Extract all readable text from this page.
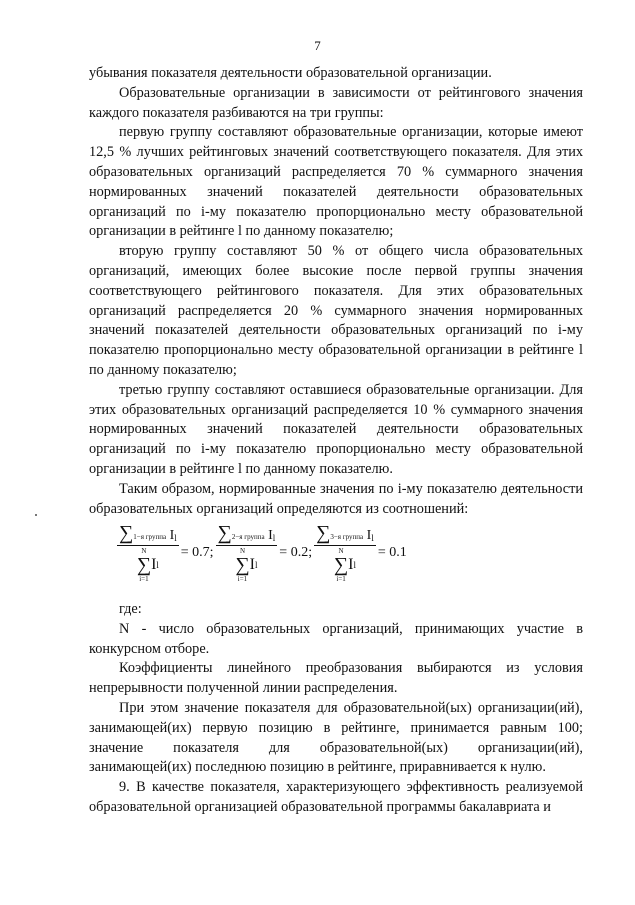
7

убывания показателя деятельности образовательной организации.

Образовательные организации в зависимости от рейтингового значения каждого показателя разбиваются на три группы:

первую группу составляют образовательные организации, которые имеют 12,5 % лучших рейтинговых значений соответствующего показателя. Для этих образовательных организаций распределяется 70 % суммарного значения нормированных значений показателей деятельности образовательных организаций по i-му показателю пропорционально месту образовательной организации в рейтинге l по данному показателю;

вторую группу составляют 50 % от общего числа образовательных организаций, имеющих более высокие после первой группы значения соответствующего рейтингового показателя. Для этих образовательных организаций распределяется 20 % суммарного значения нормированных значений показателей деятельности образовательных организаций по i-му показателю пропорционально месту образовательной организации в рейтинге l по данному показателю;

третью группу составляют оставшиеся образовательные организации. Для этих образовательных организаций распределяется 10 % суммарного значения нормированных значений показателей деятельности образовательных организаций по i-му показателю пропорционально месту образовательной организации в рейтинге l по данному показателю.

Таким образом, нормированные значения по i-му показателю деятельности образовательных организаций определяются из соотношений:

∑1−я группа Il
N
∑
i=1
I l = 0.7; ∑2−я группа Il
N
∑
i=1
I l = 0.2; ∑3−я группа Il
N
∑
i=1
I l = 0.1

где:

N - число образовательных организаций, принимающих участие в конкурсном отборе.

Коэффициенты линейного преобразования выбираются из условия непрерывности полученной линии распределения.

При этом значение показателя для образовательной(ых) организации(ий), занимающей(их) первую позицию в рейтинге, принимается равным 100; значение показателя для образовательной(ых) организации(ий), занимающей(их) последнюю позицию в рейтинге, приравнивается к нулю.

9. В качестве показателя, характеризующего эффективность реализуемой образовательной организацией образовательной программы бакалавриата и
